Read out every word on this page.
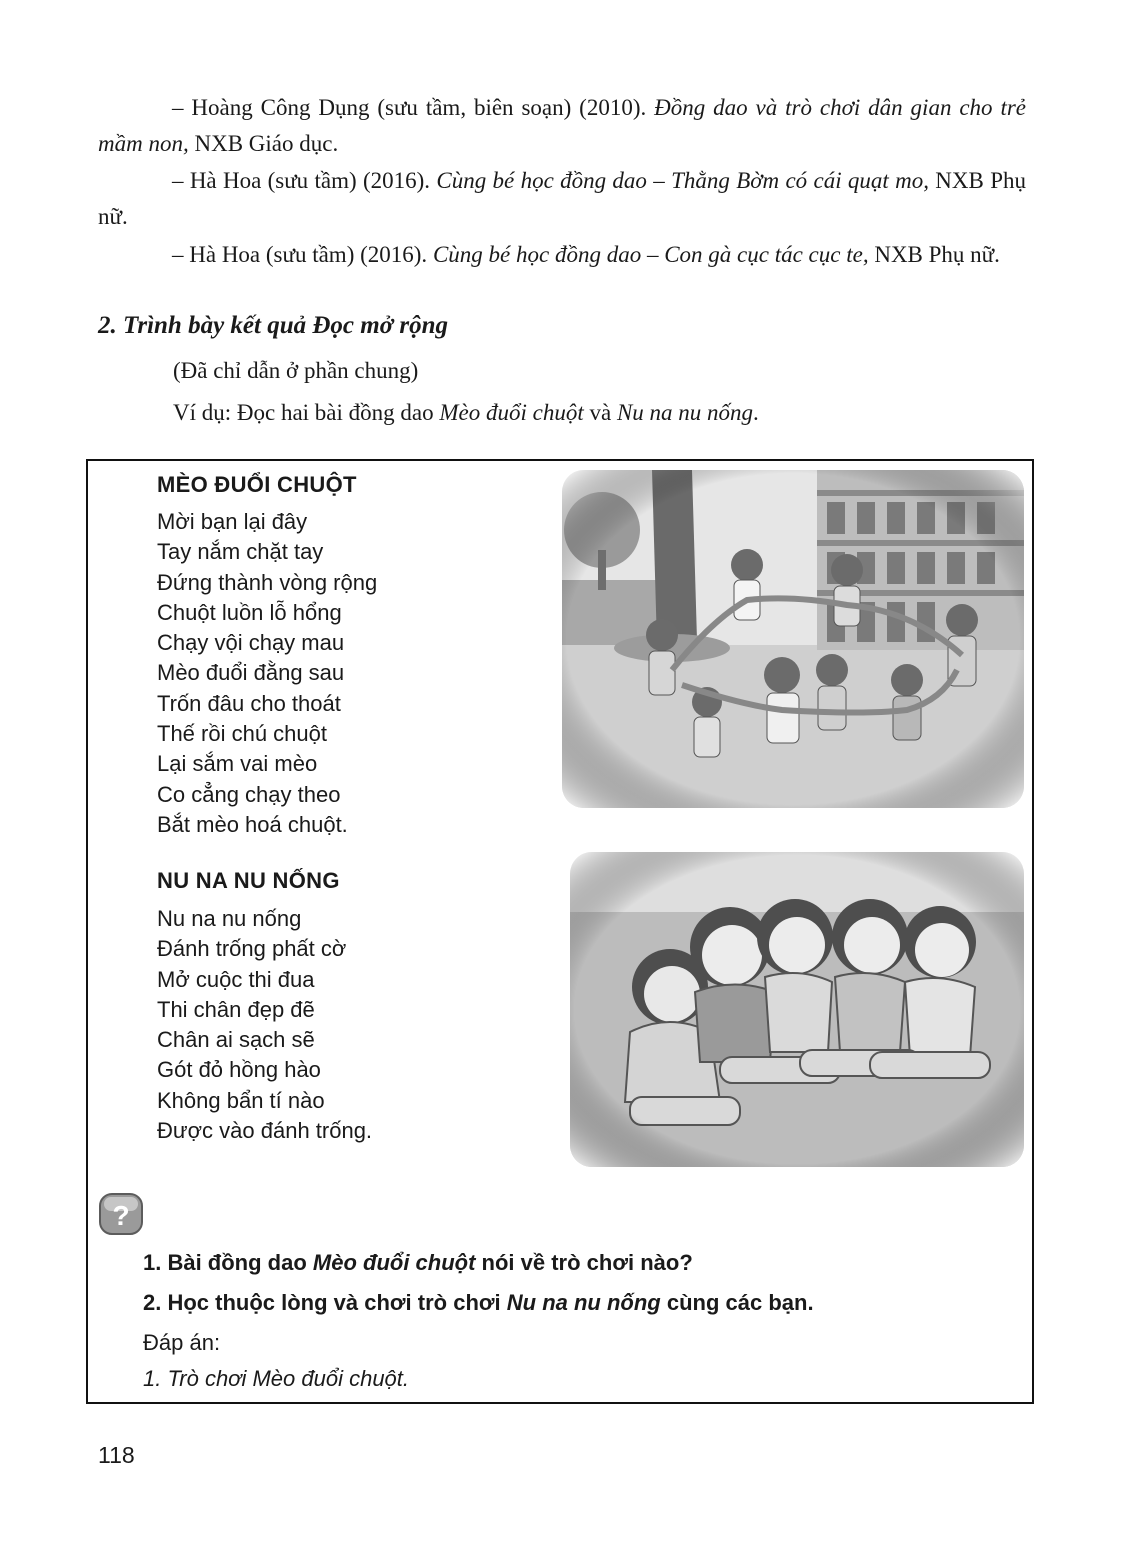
– Hoàng Công Dụng (sưu tầm, biên soạn) (2010). Đồng dao và trò chơi dân gian cho trẻ mầm non, NXB Giáo dục.
– Hà Hoa (sưu tầm) (2016). Cùng bé học đồng dao – Thằng Bờm có cái quạt mo, NXB Phụ nữ.
– Hà Hoa (sưu tầm) (2016). Cùng bé học đồng dao – Con gà cục tác cục te, NXB Phụ nữ.
2. Trình bày kết quả Đọc mở rộng
(Đã chỉ dẫn ở phần chung)
Ví dụ: Đọc hai bài đồng dao Mèo đuổi chuột và Nu na nu nống.
MÈO ĐUỔI CHUỘT
Mời bạn lại đây
Tay nắm chặt tay
Đứng thành vòng rộng
Chuột luồn lỗ hổng
Chạy vội chạy mau
Mèo đuổi đằng sau
Trốn đâu cho thoát
Thế rồi chú chuột
Lại sắm vai mèo
Co cẳng chạy theo
Bắt mèo hoá chuột.
NU NA NU NỐNG
Nu na nu nống
Đánh trống phất cờ
Mở cuộc thi đua
Thi chân đẹp đẽ
Chân ai sạch sẽ
Gót đỏ hồng hào
Không bẩn tí nào
Được vào đánh trống.
?
1. Bài đồng dao Mèo đuổi chuột nói về trò chơi nào?
2. Học thuộc lòng và chơi trò chơi Nu na nu nống cùng các bạn.
Đáp án:
1. Trò chơi Mèo đuổi chuột.
118
